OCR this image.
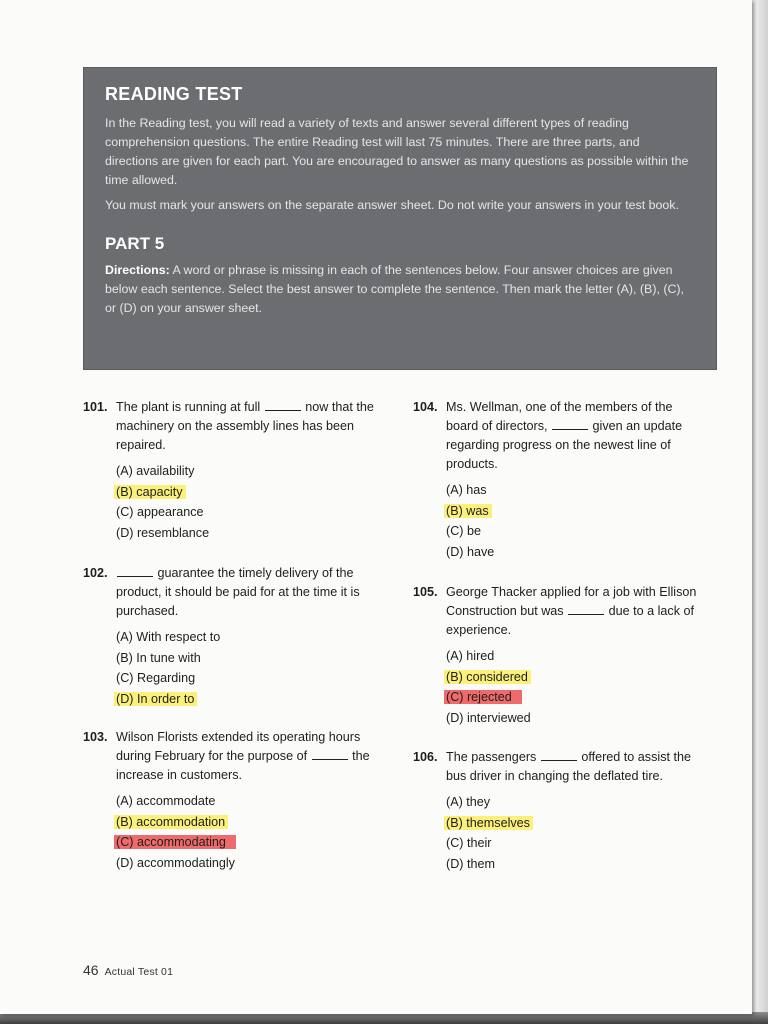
READING TEST

In the Reading test, you will read a variety of texts and answer several different types of reading comprehension questions. The entire Reading test will last 75 minutes. There are three parts, and directions are given for each part. You are encouraged to answer as many questions as possible within the time allowed.

You must mark your answers on the separate answer sheet. Do not write your answers in your test book.

PART 5

Directions: A word or phrase is missing in each of the sentences below. Four answer choices are given below each sentence. Select the best answer to complete the sentence. Then mark the letter (A), (B), (C), or (D) on your answer sheet.

101. The plant is running at full	now that the machinery on the assembly lines has been repaired.
(A) availability
(B) capacity
(C) appearance
(D) resemblance
102.	guarantee the timely delivery of the product, it should be paid for at the time it is purchased.
(A) With respect to
(B) In tune with
(C) Regarding
(D) In order to
103. Wilson Florists extended its operating hours during February for the purpose of	the increase in customers.
(A) accommodate
(B) accommodation
(C) accommodating
(D) accommodatingly
104. Ms. Wellman, one of the members of the board of directors,	given an update regarding progress on the newest line of products.
(A) has
(B) was
(C) be
(D) have
105. George Thacker applied for a job with Ellison Construction but was	due to a lack of experience.
(A) hired
(B) considered
(C) rejected
(D) interviewed
106. The passengers	offered to assist the bus driver in changing the deflated tire.
(A) they
(B) themselves
(C) their
(D) them
46 Actual Test 01
